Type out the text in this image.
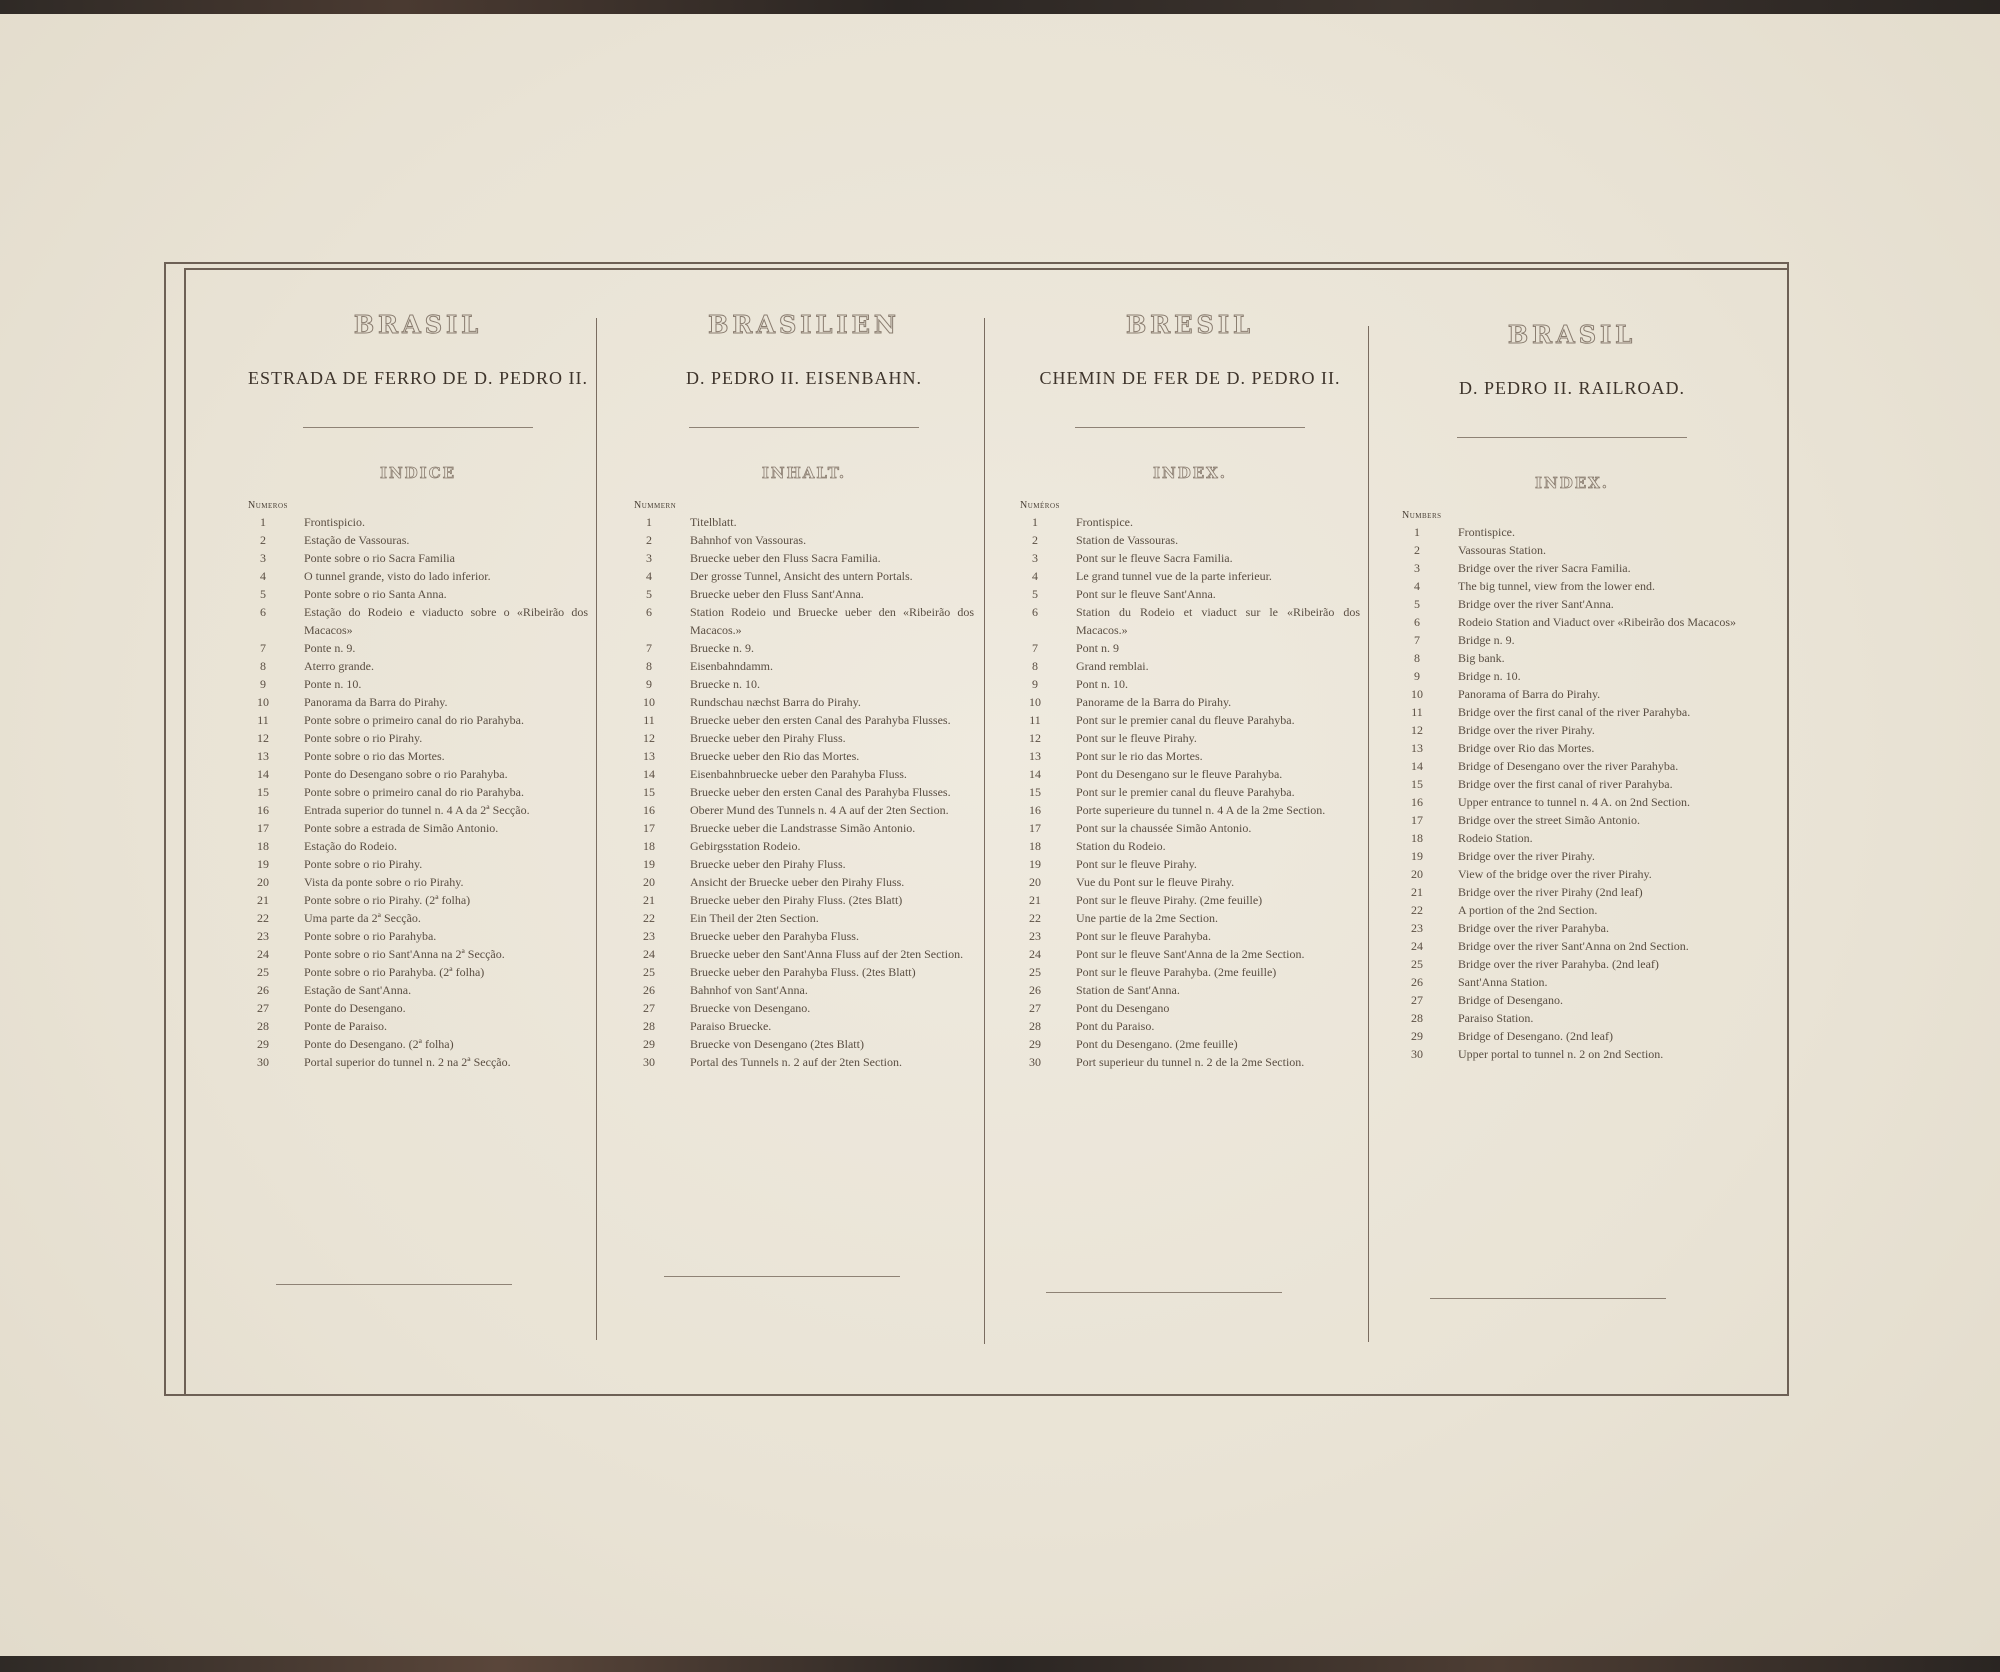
BRASIL
ESTRADA DE FERRO DE D. PEDRO II.
INDICE
Numeros
1	Frontispicio.
2	Estação de Vassouras.
3	Ponte sobre o rio Sacra Familia
4	O tunnel grande, visto do lado inferior.
5	Ponte sobre o rio Santa Anna.
6	Estação do Rodeio e viaducto sobre o «Ribeirão dos Macacos»
7	Ponte n. 9.
8	Aterro grande.
9	Ponte n. 10.
10	Panorama da Barra do Pirahy.
11	Ponte sobre o primeiro canal do rio Parahyba.
12	Ponte sobre o rio Pirahy.
13	Ponte sobre o rio das Mortes.
14	Ponte do Desengano sobre o rio Parahyba.
15	Ponte sobre o primeiro canal do rio Parahyba.
16	Entrada superior do tunnel n. 4 A da 2ª Secção.
17	Ponte sobre a estrada de Simão Antonio.
18	Estação do Rodeio.
19	Ponte sobre o rio Pirahy.
20	Vista da ponte sobre o rio Pirahy.
21	Ponte sobre o rio Pirahy. (2ª folha)
22	Uma parte da 2ª Secção.
23	Ponte sobre o rio Parahyba.
24	Ponte sobre o rio Sant'Anna na 2ª Secção.
25	Ponte sobre o rio Parahyba. (2ª folha)
26	Estação de Sant'Anna.
27	Ponte do Desengano.
28	Ponte de Paraiso.
29	Ponte do Desengano. (2ª folha)
30	Portal superior do tunnel n. 2 na 2ª Secção.
BRASILIEN
D. PEDRO II. EISENBAHN.
INHALT.
Nummern
1	Titelblatt.
2	Bahnhof von Vassouras.
3	Bruecke ueber den Fluss Sacra Familia.
4	Der grosse Tunnel, Ansicht des untern Portals.
5	Bruecke ueber den Fluss Sant'Anna.
6	Station Rodeio und Bruecke ueber den «Ribeirão dos Macacos.»
7	Bruecke n. 9.
8	Eisenbahndamm.
9	Bruecke n. 10.
10	Rundschau næchst Barra do Pirahy.
11	Bruecke ueber den ersten Canal des Parahyba Flusses.
12	Bruecke ueber den Pirahy Fluss.
13	Bruecke ueber den Rio das Mortes.
14	Eisenbahnbruecke ueber den Parahyba Fluss.
15	Bruecke ueber den ersten Canal des Parahyba Flusses.
16	Oberer Mund des Tunnels n. 4 A auf der 2ten Section.
17	Bruecke ueber die Landstrasse Simão Antonio.
18	Gebirgsstation Rodeio.
19	Bruecke ueber den Pirahy Fluss.
20	Ansicht der Bruecke ueber den Pirahy Fluss.
21	Bruecke ueber den Pirahy Fluss. (2tes Blatt)
22	Ein Theil der 2ten Section.
23	Bruecke ueber den Parahyba Fluss.
24	Bruecke ueber den Sant'Anna Fluss auf der 2ten Section.
25	Bruecke ueber den Parahyba Fluss. (2tes Blatt)
26	Bahnhof von Sant'Anna.
27	Bruecke von Desengano.
28	Paraiso Bruecke.
29	Bruecke von Desengano (2tes Blatt)
30	Portal des Tunnels n. 2 auf der 2ten Section.
BRESIL
CHEMIN DE FER DE D. PEDRO II.
INDEX.
Numéros
1	Frontispice.
2	Station de Vassouras.
3	Pont sur le fleuve Sacra Familia.
4	Le grand tunnel vue de la parte inferieur.
5	Pont sur le fleuve Sant'Anna.
6	Station du Rodeio et viaduct sur le «Ribeirão dos Macacos.»
7	Pont n. 9
8	Grand remblai.
9	Pont n. 10.
10	Panorame de la Barra do Pirahy.
11	Pont sur le premier canal du fleuve Parahyba.
12	Pont sur le fleuve Pirahy.
13	Pont sur le rio das Mortes.
14	Pont du Desengano sur le fleuve Parahyba.
15	Pont sur le premier canal du fleuve Parahyba.
16	Porte superieure du tunnel n. 4 A de la 2me Section.
17	Pont sur la chaussée Simão Antonio.
18	Station du Rodeio.
19	Pont sur le fleuve Pirahy.
20	Vue du Pont sur le fleuve Pirahy.
21	Pont sur le fleuve Pirahy. (2me feuille)
22	Une partie de la 2me Section.
23	Pont sur le fleuve Parahyba.
24	Pont sur le fleuve Sant'Anna de la 2me Section.
25	Pont sur le fleuve Parahyba. (2me feuille)
26	Station de Sant'Anna.
27	Pont du Desengano
28	Pont du Paraiso.
29	Pont du Desengano. (2me feuille)
30	Port superieur du tunnel n. 2 de la 2me Section.
BRASIL
D. PEDRO II. RAILROAD.
INDEX.
Numbers
1	Frontispice.
2	Vassouras Station.
3	Bridge over the river Sacra Familia.
4	The big tunnel, view from the lower end.
5	Bridge over the river Sant'Anna.
6	Rodeio Station and Viaduct over «Ribeirão dos Macacos»
7	Bridge n. 9.
8	Big bank.
9	Bridge n. 10.
10	Panorama of Barra do Pirahy.
11	Bridge over the first canal of the river Parahyba.
12	Bridge over the river Pirahy.
13	Bridge over Rio das Mortes.
14	Bridge of Desengano over the river Parahyba.
15	Bridge over the first canal of river Parahyba.
16	Upper entrance to tunnel n. 4 A. on 2nd Section.
17	Bridge over the street Simão Antonio.
18	Rodeio Station.
19	Bridge over the river Pirahy.
20	View of the bridge over the river Pirahy.
21	Bridge over the river Pirahy (2nd leaf)
22	A portion of the 2nd Section.
23	Bridge over the river Parahyba.
24	Bridge over the river Sant'Anna on 2nd Section.
25	Bridge over the river Parahyba. (2nd leaf)
26	Sant'Anna Station.
27	Bridge of Desengano.
28	Paraiso Station.
29	Bridge of Desengano. (2nd leaf)
30	Upper portal to tunnel n. 2 on 2nd Section.
